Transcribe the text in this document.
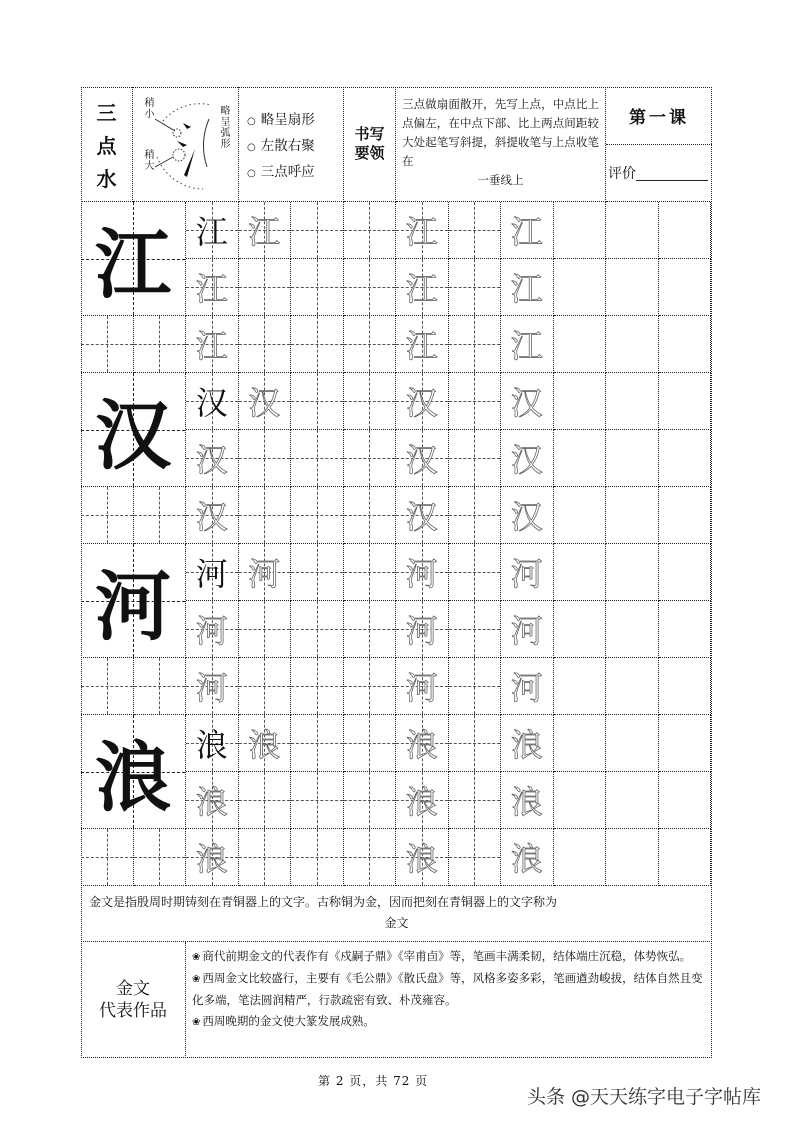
三
点
水
稍小
稍大
略呈弧形	○ 略呈扇形
○ 左散右聚
○ 三点呼应
书写
要领
三点做扇面散开，先写上点，中点比上点偏左，在中点下部、比上两点间距较大处起笔写斜提，斜提收笔与上点收笔在
一垂线上
第一课
评价
江 江 江	江 江
江	江 江
江	江 江
汉 汉 汉	汉 汉
汉	汉 汉
汉	汉 汉
河 河 河	河 河
河	河 河
河	河 河
浪 浪 浪	浪 浪
浪	浪 浪
浪	浪 浪
金文是指殷周时期铸刻在青铜器上的文字。古称铜为金，因而把刻在青铜器上的文字称为
金文
金文
代表作品
❀ 商代前期金文的代表作有《戍嗣子鼎》《宰甫卣》等，笔画丰满柔韧，结体端庄沉稳，体势恢弘。
❀ 西周金文比较盛行，主要有《毛公鼎》《散氏盘》等，风格多姿多彩，笔画遒劲峻拔，结体自然且变化多端，笔法圆润精严，行款疏密有致、朴茂雍容。
❀ 西周晚期的金文使大篆发展成熟。
第 2 页，共 72 页
头条 @天天练字电子字帖库
